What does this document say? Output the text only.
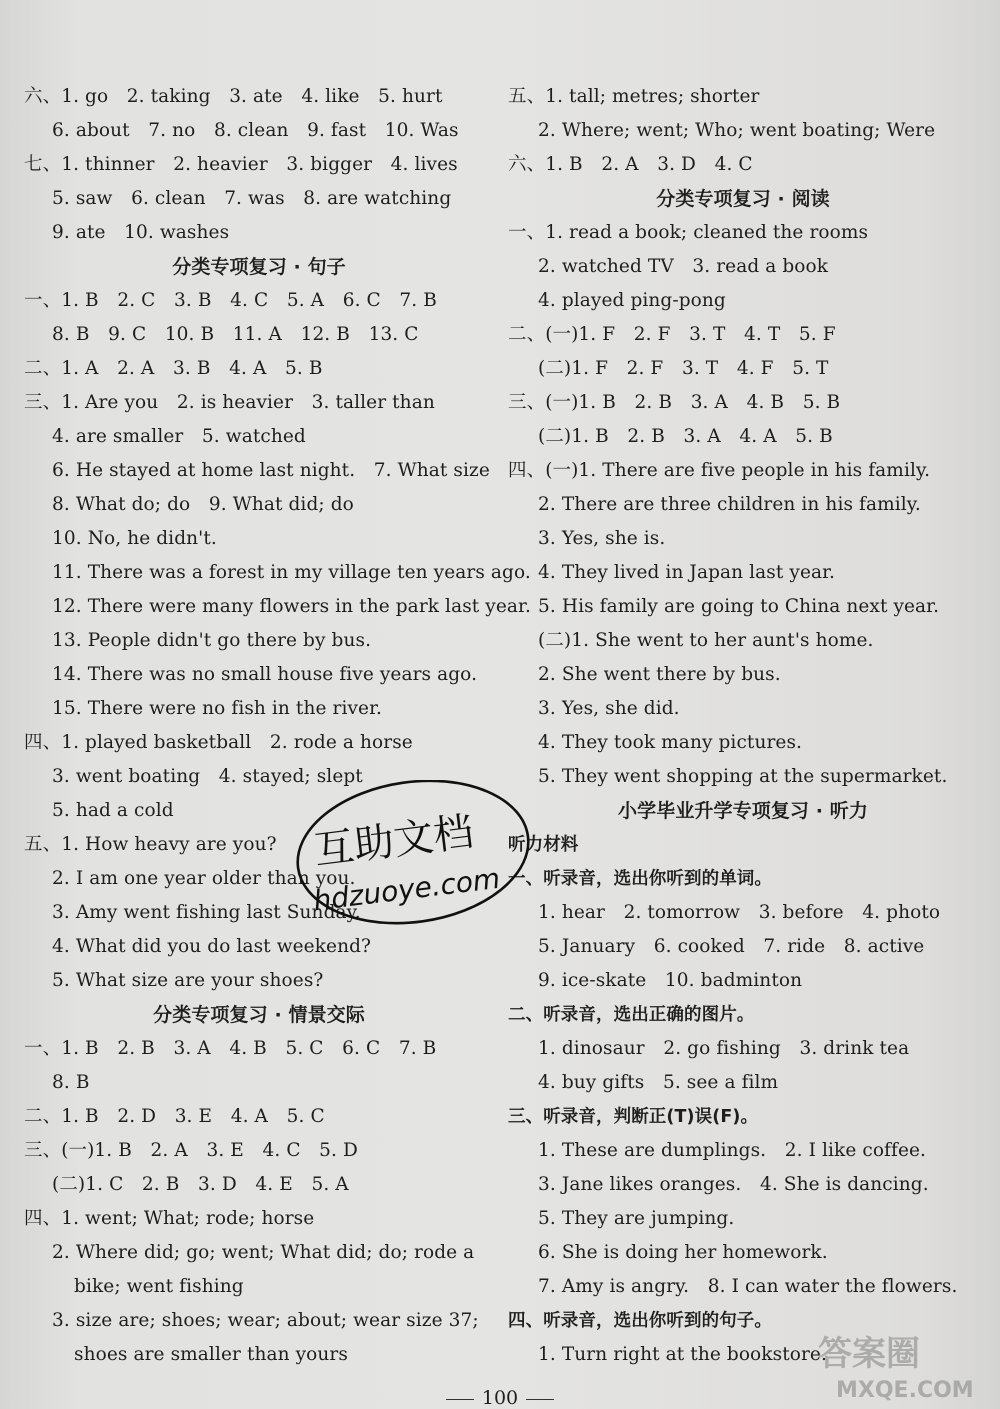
六、1. go　2. taking　3. ate　4. like　5. hurt
6. about　7. no　8. clean　9. fast　10. Was
七、1. thinner　2. heavier　3. bigger　4. lives
5. saw　6. clean　7. was　8. are watching
9. ate　10. washes
分类专项复习 · 句子
一、1. B　2. C　3. B　4. C　5. A　6. C　7. B
8. B　9. C　10. B　11. A　12. B　13. C
二、1. A　2. A　3. B　4. A　5. B
三、1. Are you　2. is heavier　3. taller than
4. are smaller　5. watched
6. He stayed at home last night.　7. What size
8. What do; do　9. What did; do
10. No, he didn't.
11. There was a forest in my village ten years ago.
12. There were many flowers in the park last year.
13. People didn't go there by bus.
14. There was no small house five years ago.
15. There were no fish in the river.
四、1. played basketball　2. rode a horse
3. went boating　4. stayed; slept
5. had a cold
五、1. How heavy are you?
2. I am one year older than you.
3. Amy went fishing last Sunday.
4. What did you do last weekend?
5. What size are your shoes?
分类专项复习 · 情景交际
一、1. B　2. B　3. A　4. B　5. C　6. C　7. B
8. B
二、1. B　2. D　3. E　4. A　5. C
三、(一)1. B　2. A　3. E　4. C　5. D
(二)1. C　2. B　3. D　4. E　5. A
四、1. went; What; rode; horse
2. Where did; go; went; What did; do; rode a
bike; went fishing
3. size are; shoes; wear; about; wear size 37;
shoes are smaller than yours
五、1. tall; metres; shorter
2. Where; went; Who; went boating; Were
六、1. B　2. A　3. D　4. C
分类专项复习 · 阅读
一、1. read a book; cleaned the rooms
2. watched TV　3. read a book
4. played ping-pong
二、(一)1. F　2. F　3. T　4. T　5. F
(二)1. F　2. F　3. T　4. F　5. T
三、(一)1. B　2. B　3. A　4. B　5. B
(二)1. B　2. B　3. A　4. A　5. B
四、(一)1. There are five people in his family.
2. There are three children in his family.
3. Yes, she is.
4. They lived in Japan last year.
5. His family are going to China next year.
(二)1. She went to her aunt's home.
2. She went there by bus.
3. Yes, she did.
4. They took many pictures.
5. They went shopping at the supermarket.
小学毕业升学专项复习 · 听力
听力材料
一、听录音，选出你听到的单词。
1. hear　2. tomorrow　3. before　4. photo
5. January　6. cooked　7. ride　8. active
9. ice-skate　10. badminton
二、听录音，选出正确的图片。
1. dinosaur　2. go fishing　3. drink tea
4. buy gifts　5. see a film
三、听录音，判断正(T)误(F)。
1. These are dumplings.　2. I like coffee.
3. Jane likes oranges.　4. She is dancing.
5. They are jumping.
6. She is doing her homework.
7. Amy is angry.　8. I can water the flowers.
四、听录音，选出你听到的句子。
1. Turn right at the bookstore.
100
互助文档
hdzuoye.com
答案圈
MXQE.COM
